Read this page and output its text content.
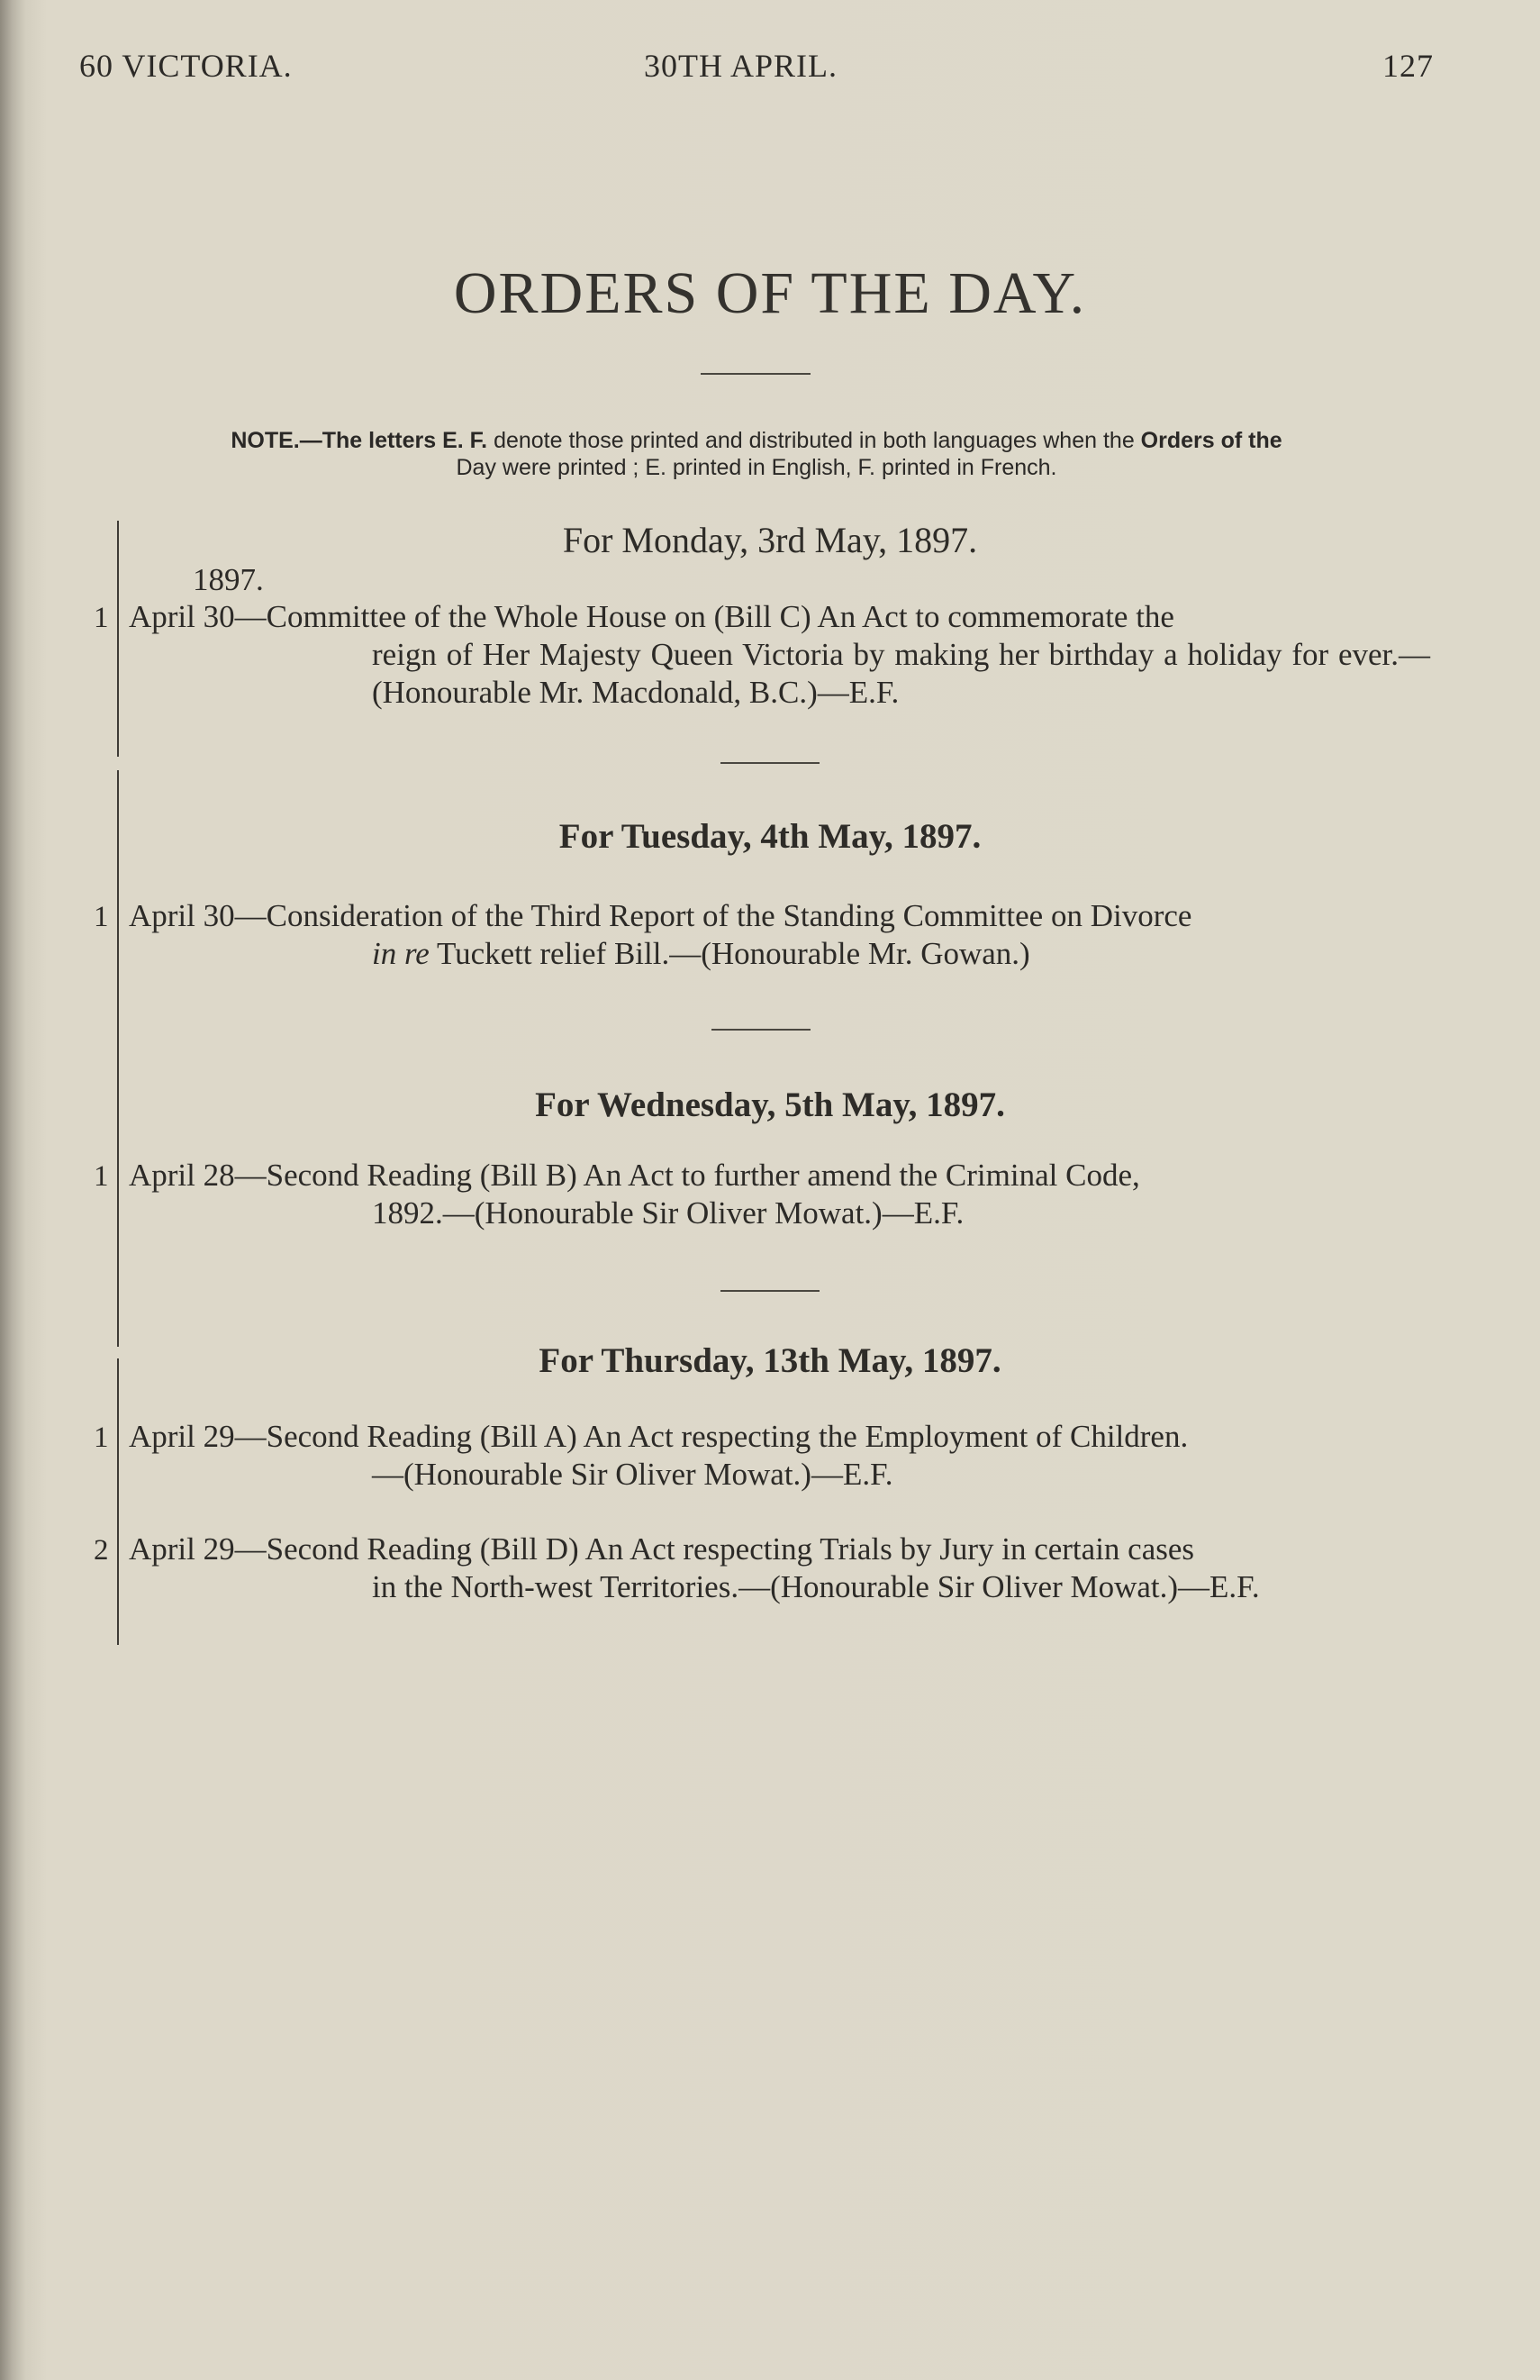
60 VICTORIA.	30TH APRIL.	127
ORDERS OF THE DAY.
NOTE.—The letters E. F. denote those printed and distributed in both languages when the Orders of the
Day were printed ; E. printed in English, F. printed in French.
For Monday, 3rd May, 1897.
1897.
1 April 30—Committee of the Whole House on (Bill C) An Act to commemorate the
reign of Her Majesty Queen Victoria by making her birthday a holiday for ever.—(Honourable Mr. Macdonald, B.C.)—E.F.
For Tuesday, 4th May, 1897.
1 April 30—Consideration of the Third Report of the Standing Committee on Divorce
in re Tuckett relief Bill.—(Honourable Mr. Gowan.)
For Wednesday, 5th May, 1897.
1 April 28—Second Reading (Bill B) An Act to further amend the Criminal Code,
1892.—(Honourable Sir Oliver Mowat.)—E.F.
For Thursday, 13th May, 1897.
1 April 29—Second Reading (Bill A) An Act respecting the Employment of Children.
—(Honourable Sir Oliver Mowat.)—E.F.
2 April 29—Second Reading (Bill D) An Act respecting Trials by Jury in certain cases
in the North-west Territories.—(Honourable Sir Oliver Mowat.)—E.F.
